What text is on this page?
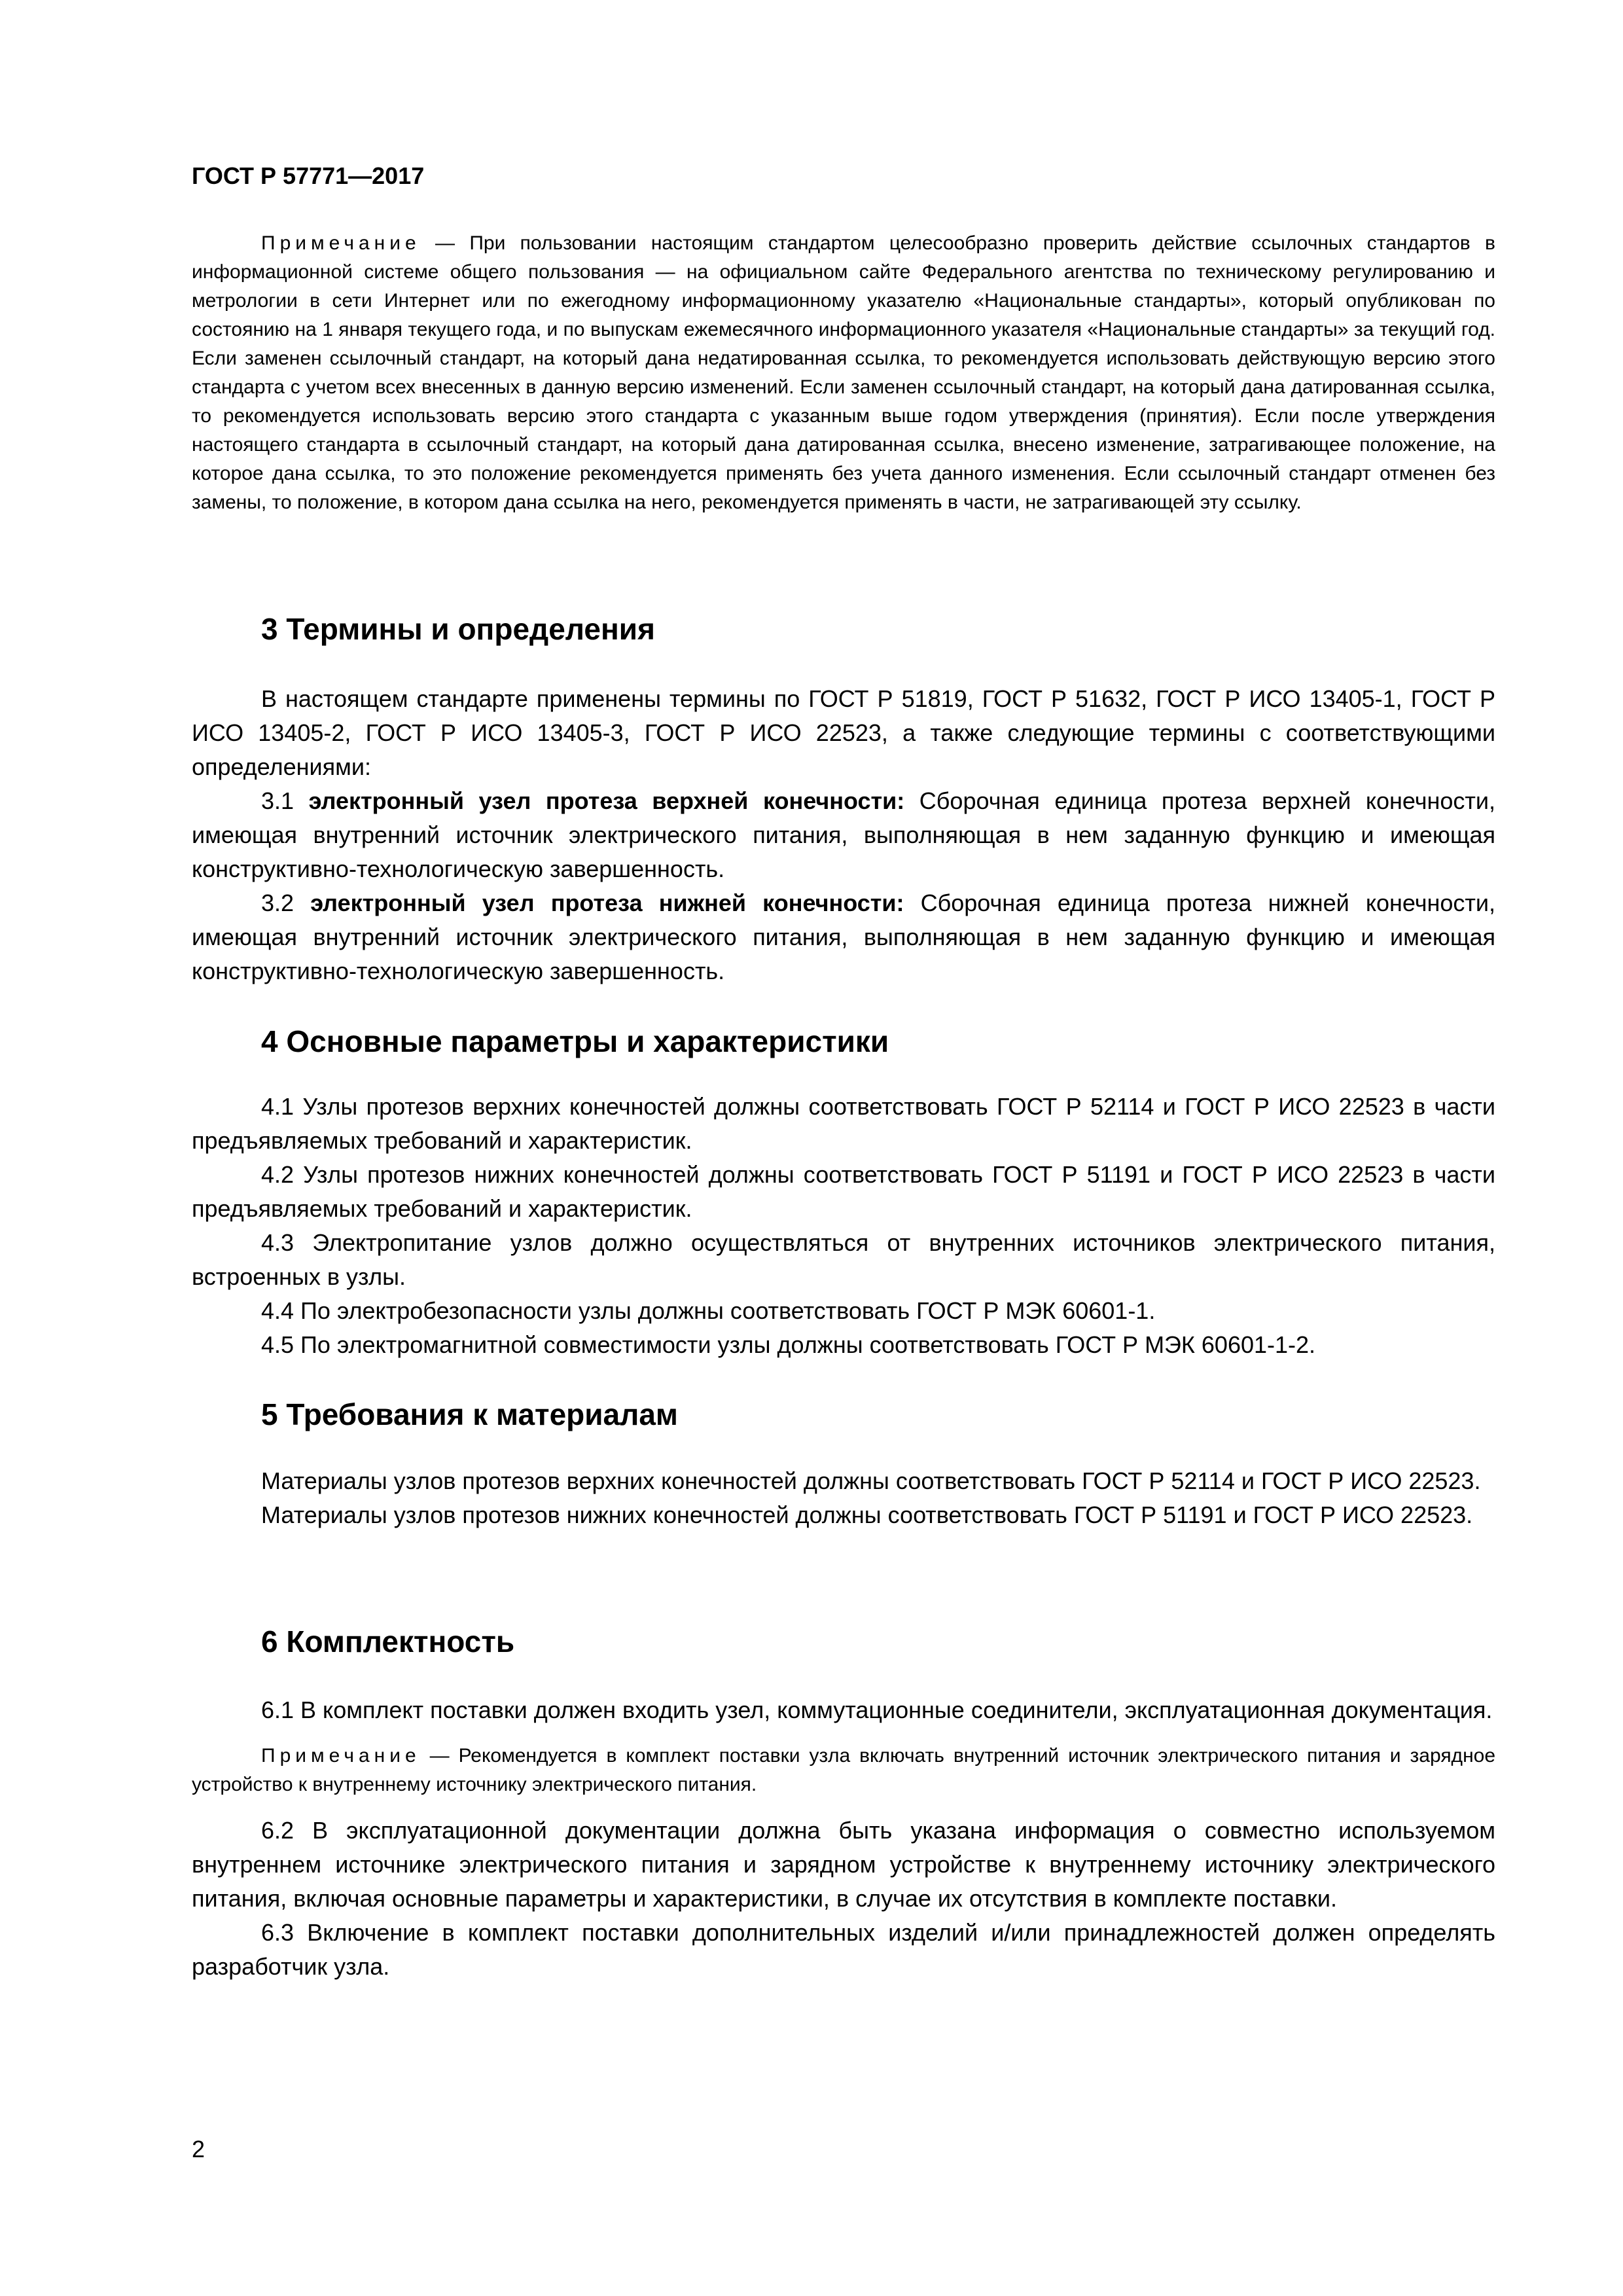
ГОСТ Р 57771—2017

Примечание — При пользовании настоящим стандартом целесообразно проверить действие ссылочных стандартов в информационной системе общего пользования — на официальном сайте Федерального агентства по техническому регулированию и метрологии в сети Интернет или по ежегодному информационному указателю «Национальные стандарты», который опубликован по состоянию на 1 января текущего года, и по выпускам ежемесячного информационного указателя «Национальные стандарты» за текущий год. Если заменен ссылочный стандарт, на который дана недатированная ссылка, то рекомендуется использовать действующую версию этого стандарта с учетом всех внесенных в данную версию изменений. Если заменен ссылочный стандарт, на который дана датированная ссылка, то рекомендуется использовать версию этого стандарта с указанным выше годом утверждения (принятия). Если после утверждения настоящего стандарта в ссылочный стандарт, на который дана датированная ссылка, внесено изменение, затрагивающее положение, на которое дана ссылка, то это положение рекомендуется применять без учета данного изменения. Если ссылочный стандарт отменен без замены, то положение, в котором дана ссылка на него, рекомендуется применять в части, не затрагивающей эту ссылку.

3 Термины и определения

В настоящем стандарте применены термины по ГОСТ Р 51819, ГОСТ Р 51632, ГОСТ Р ИСО 13405-1, ГОСТ Р ИСО 13405-2, ГОСТ Р ИСО 13405-3, ГОСТ Р ИСО 22523, а также следующие термины с соответствующими определениями:

3.1 электронный узел протеза верхней конечности: Сборочная единица протеза верхней конечности, имеющая внутренний источник электрического питания, выполняющая в нем заданную функцию и имеющая конструктивно-технологическую завершенность.

3.2 электронный узел протеза нижней конечности: Сборочная единица протеза нижней конечности, имеющая внутренний источник электрического питания, выполняющая в нем заданную функцию и имеющая конструктивно-технологическую завершенность.

4 Основные параметры и характеристики

4.1 Узлы протезов верхних конечностей должны соответствовать ГОСТ Р 52114 и ГОСТ Р ИСО 22523 в части предъявляемых требований и характеристик.

4.2 Узлы протезов нижних конечностей должны соответствовать ГОСТ Р 51191 и ГОСТ Р ИСО 22523 в части предъявляемых требований и характеристик.

4.3 Электропитание узлов должно осуществляться от внутренних источников электрического питания, встроенных в узлы.

4.4 По электробезопасности узлы должны соответствовать ГОСТ Р МЭК 60601-1.

4.5 По электромагнитной совместимости узлы должны соответствовать ГОСТ Р МЭК 60601-1-2.

5 Требования к материалам

Материалы узлов протезов верхних конечностей должны соответствовать ГОСТ Р 52114 и ГОСТ Р ИСО 22523.

Материалы узлов протезов нижних конечностей должны соответствовать ГОСТ Р 51191 и ГОСТ Р ИСО 22523.

6 Комплектность

6.1 В комплект поставки должен входить узел, коммутационные соединители, эксплуатационная документация.

Примечание — Рекомендуется в комплект поставки узла включать внутренний источник электрического питания и зарядное устройство к внутреннему источнику электрического питания.

6.2 В эксплуатационной документации должна быть указана информация о совместно используемом внутреннем источнике электрического питания и зарядном устройстве к внутреннему источнику электрического питания, включая основные параметры и характеристики, в случае их отсутствия в комплекте поставки.

6.3 Включение в комплект поставки дополнительных изделий и/или принадлежностей должен определять разработчик узла.

2
